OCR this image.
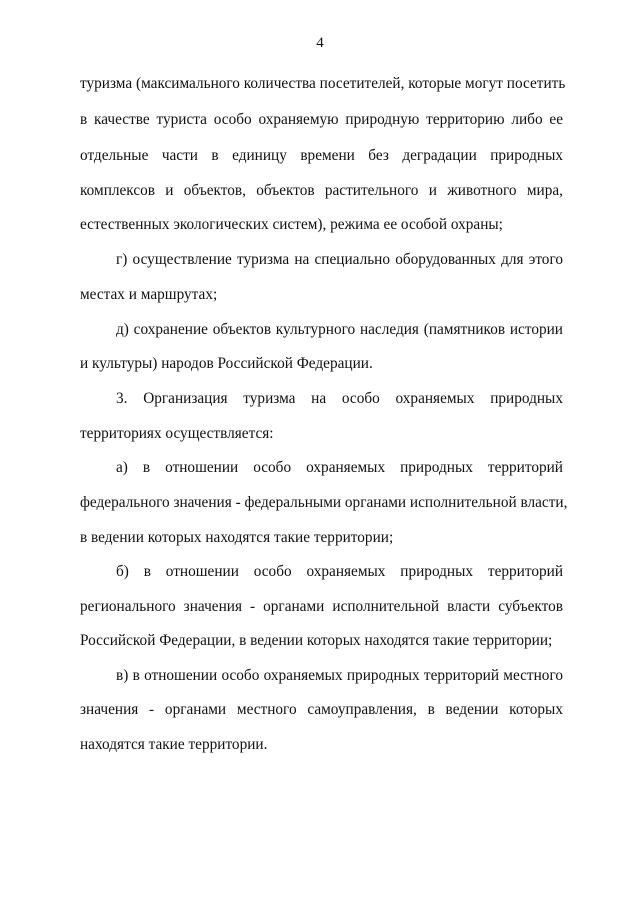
4
туризма (максимального количества посетителей, которые могут посетить
в качестве туриста особо охраняемую природную территорию либо ее
отдельные части в единицу времени без деградации природных
комплексов и объектов, объектов растительного и животного мира,
естественных экологических систем), режима ее особой охраны;
г) осуществление туризма на специально оборудованных для этого
местах и маршрутах;
д) сохранение объектов культурного наследия (памятников истории
и культуры) народов Российской Федерации.
3. Организация туризма на особо охраняемых природных
территориях осуществляется:
а) в отношении особо охраняемых природных территорий
федерального значения - федеральными органами исполнительной власти,
в ведении которых находятся такие территории;
б) в отношении особо охраняемых природных территорий
регионального значения - органами исполнительной власти субъектов
Российской Федерации, в ведении которых находятся такие территории;
в) в отношении особо охраняемых природных территорий местного
значения - органами местного самоуправления, в ведении которых
находятся такие территории.
